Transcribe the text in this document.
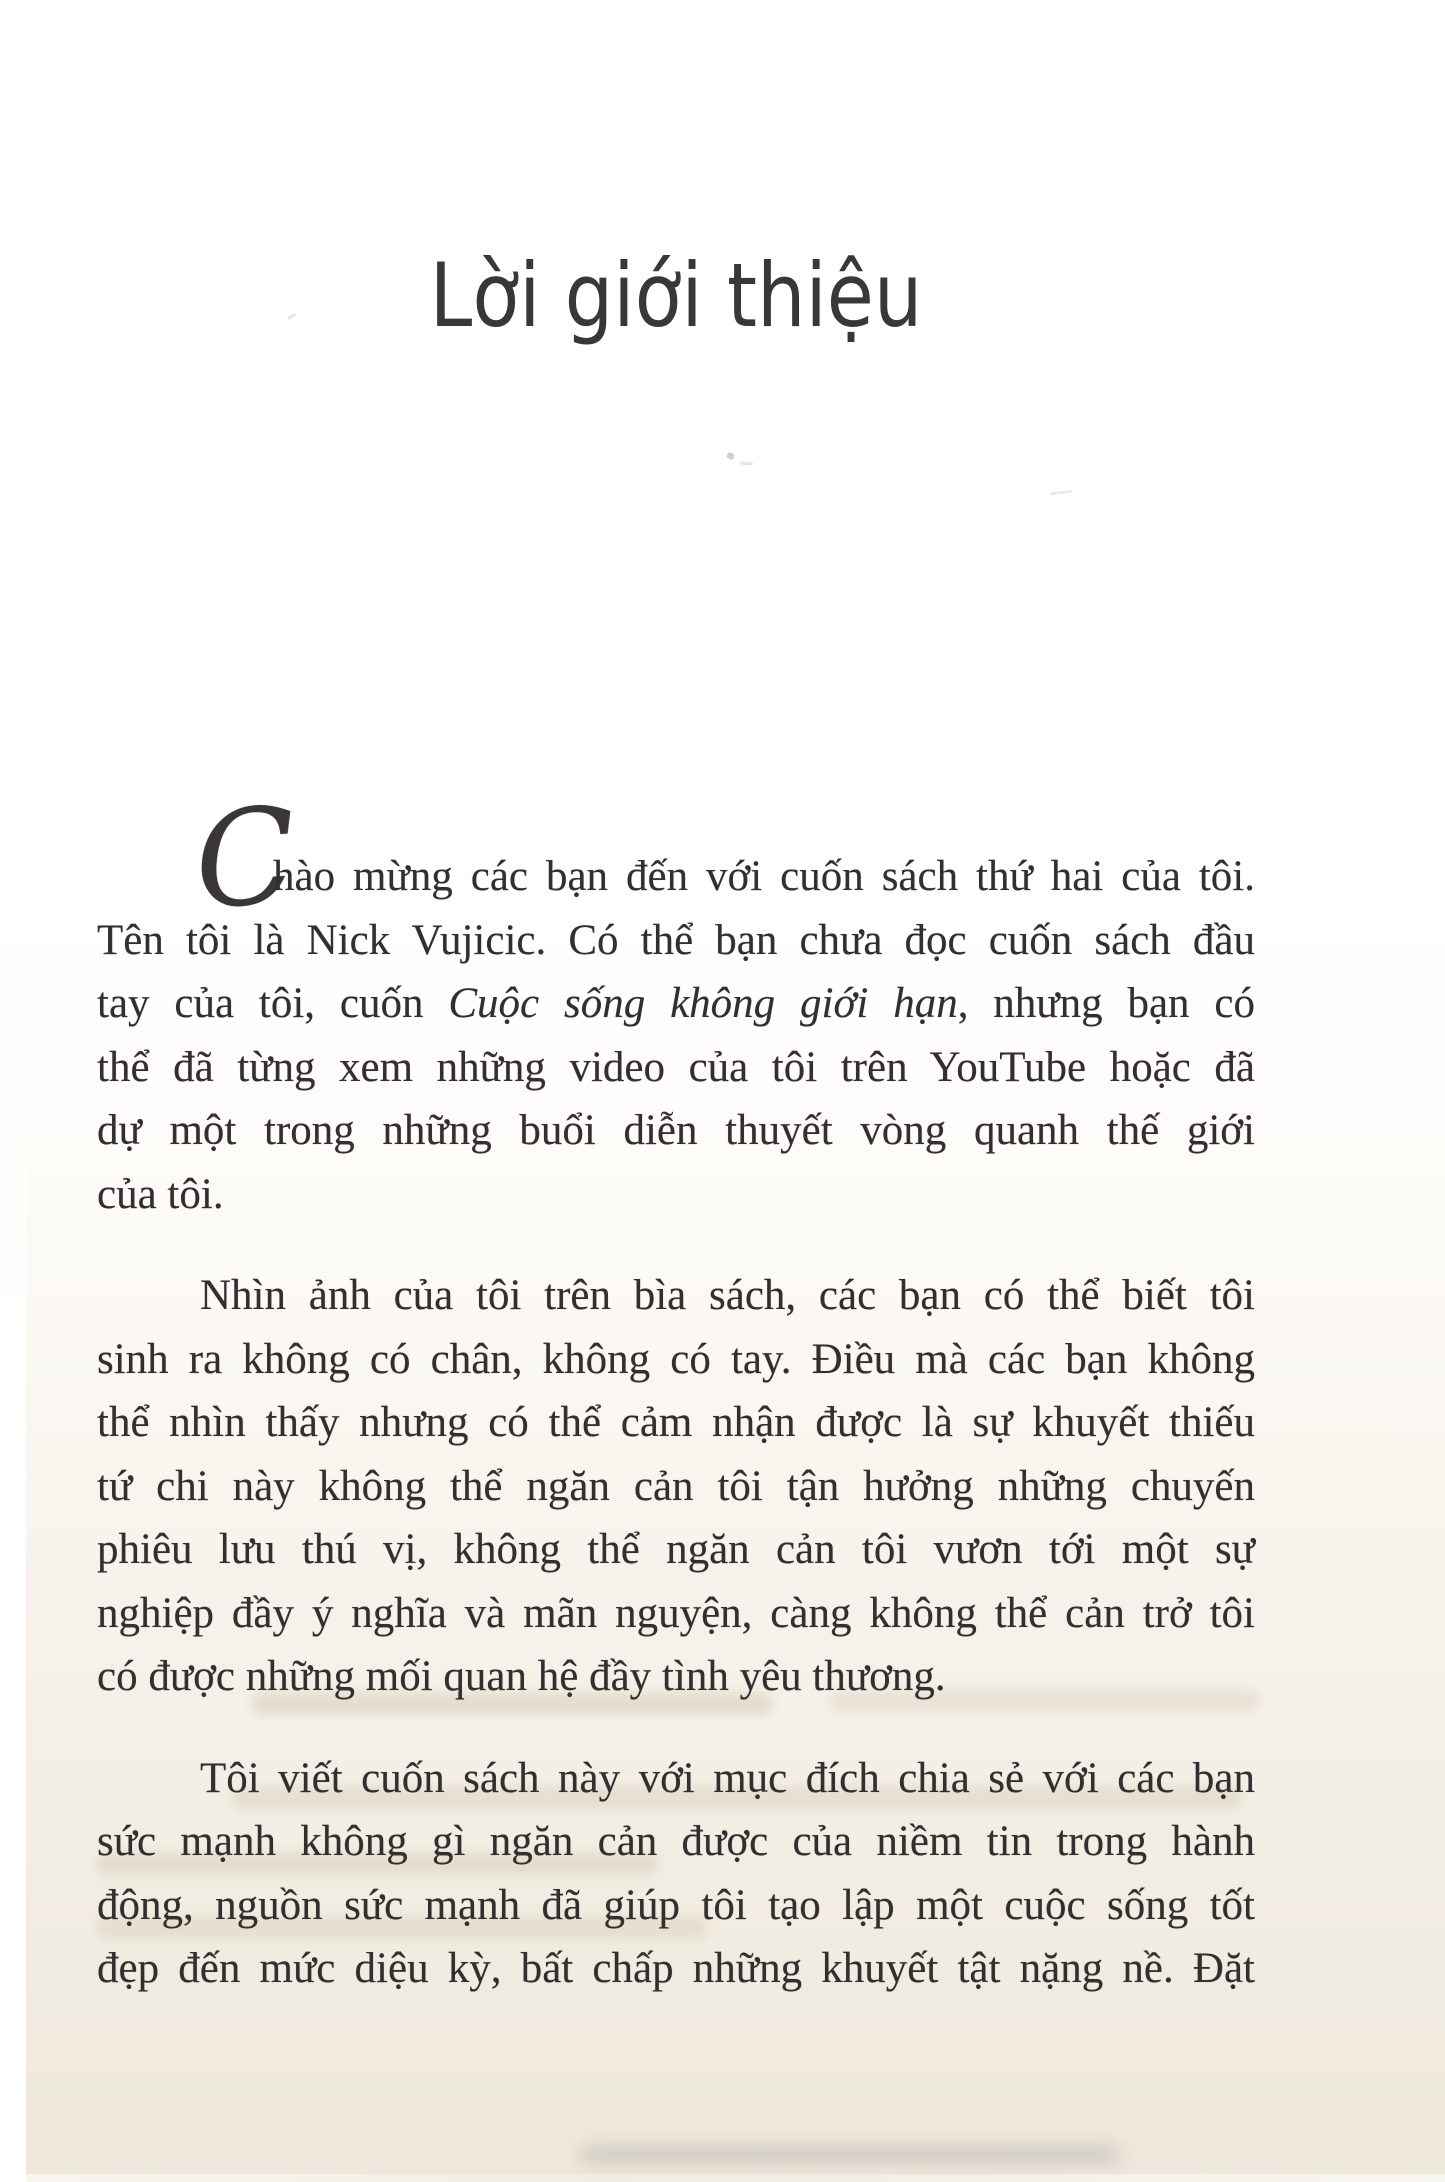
Lời giới thiệu
C
hào mừng các bạn đến với cuốn sách thứ hai của tôi.
Tên tôi là Nick Vujicic. Có thể bạn chưa đọc cuốn sách đầu
tay của tôi, cuốn Cuộc sống không giới hạn, nhưng bạn có
thể đã từng xem những video của tôi trên YouTube hoặc đã
dự một trong những buổi diễn thuyết vòng quanh thế giới
của tôi.
Nhìn ảnh của tôi trên bìa sách, các bạn có thể biết tôi
sinh ra không có chân, không có tay. Điều mà các bạn không
thể nhìn thấy nhưng có thể cảm nhận được là sự khuyết thiếu
tứ chi này không thể ngăn cản tôi tận hưởng những chuyến
phiêu lưu thú vị, không thể ngăn cản tôi vươn tới một sự
nghiệp đầy ý nghĩa và mãn nguyện, càng không thể cản trở tôi
có được những mối quan hệ đầy tình yêu thương.
Tôi viết cuốn sách này với mục đích chia sẻ với các bạn
sức mạnh không gì ngăn cản được của niềm tin trong hành
động, nguồn sức mạnh đã giúp tôi tạo lập một cuộc sống tốt
đẹp đến mức diệu kỳ, bất chấp những khuyết tật nặng nề. Đặt
